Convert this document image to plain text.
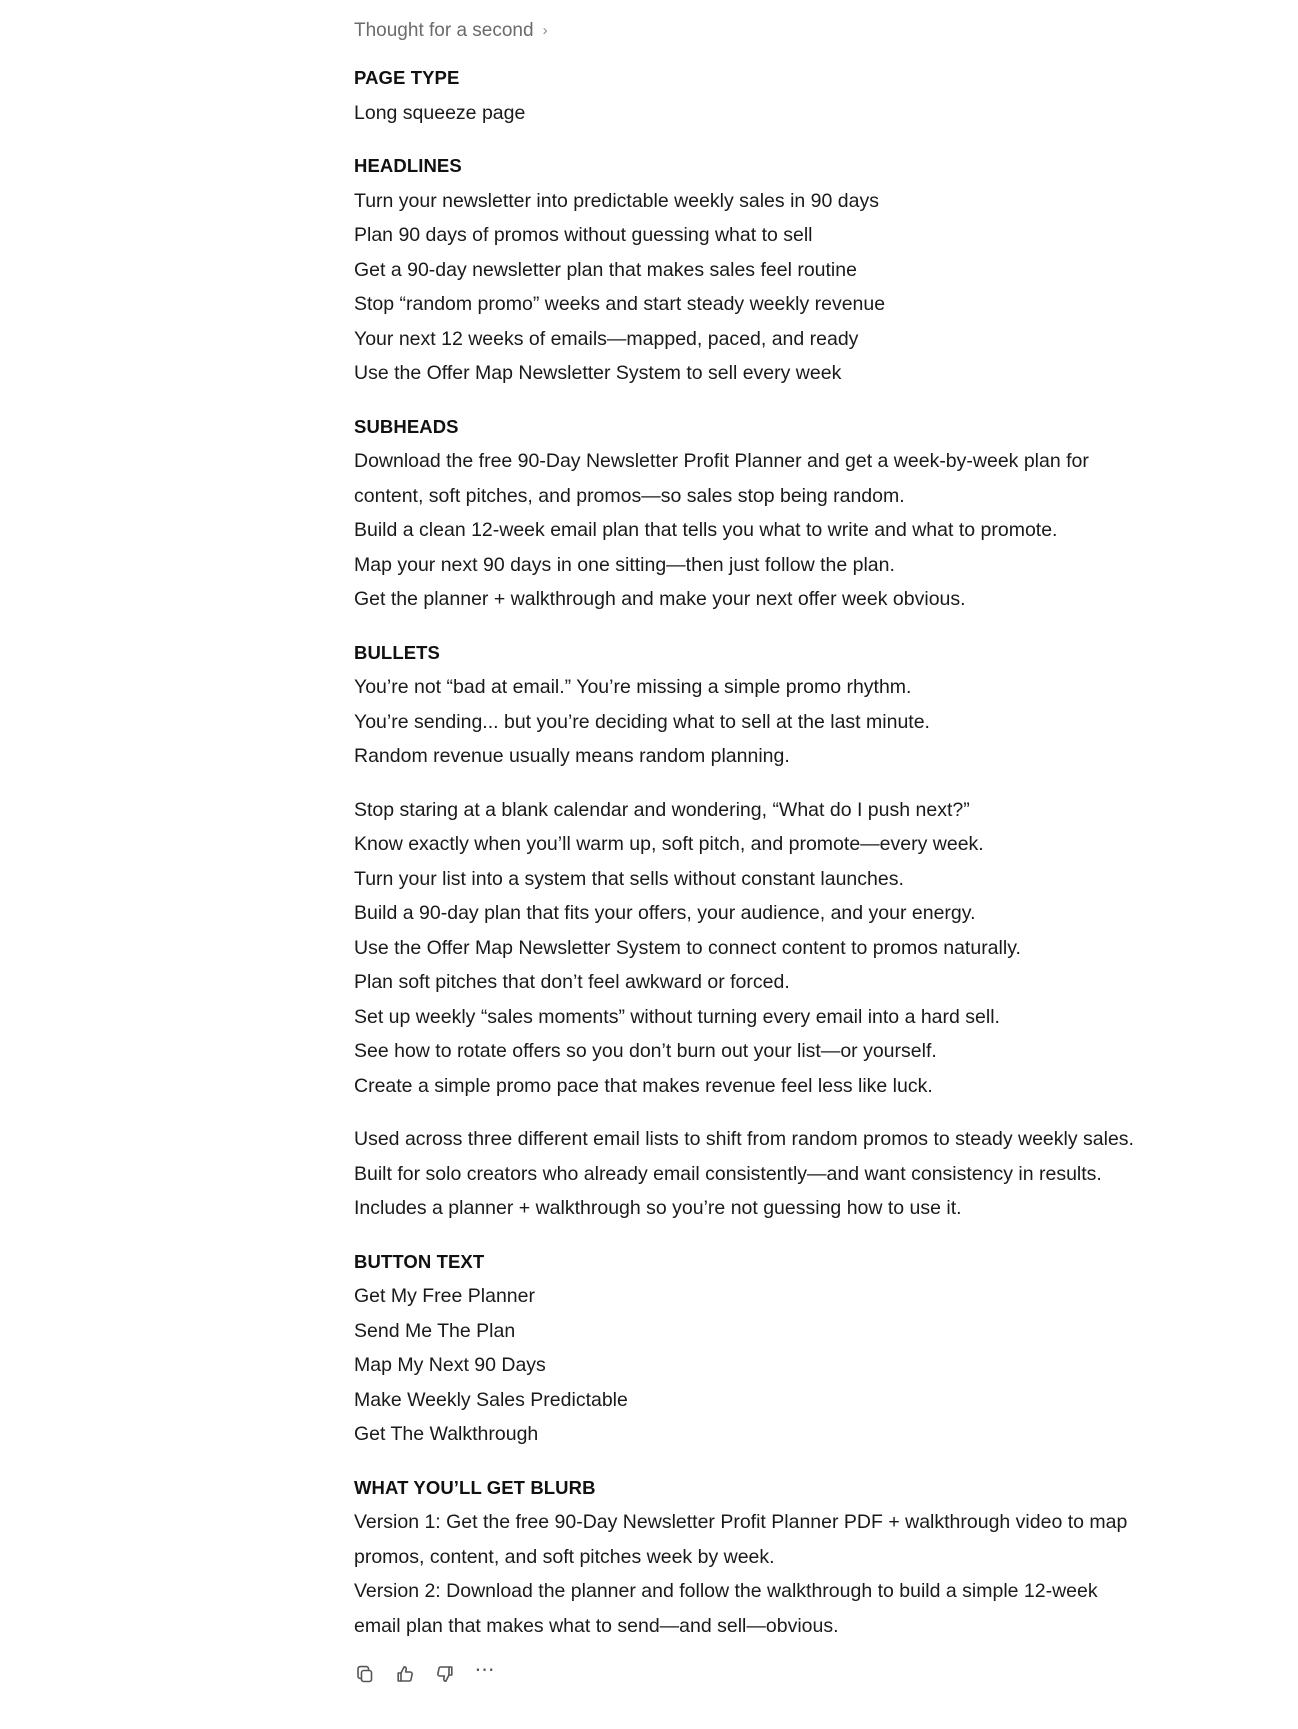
Thought for a second ›
PAGE TYPE
Long squeeze page
HEADLINES
Turn your newsletter into predictable weekly sales in 90 days
Plan 90 days of promos without guessing what to sell
Get a 90-day newsletter plan that makes sales feel routine
Stop “random promo” weeks and start steady weekly revenue
Your next 12 weeks of emails—mapped, paced, and ready
Use the Offer Map Newsletter System to sell every week
SUBHEADS
Download the free 90-Day Newsletter Profit Planner and get a week-by-week plan for
content, soft pitches, and promos—so sales stop being random.
Build a clean 12-week email plan that tells you what to write and what to promote.
Map your next 90 days in one sitting—then just follow the plan.
Get the planner + walkthrough and make your next offer week obvious.
BULLETS
You’re not “bad at email.” You’re missing a simple promo rhythm.
You’re sending... but you’re deciding what to sell at the last minute.
Random revenue usually means random planning.
Stop staring at a blank calendar and wondering, “What do I push next?”
Know exactly when you’ll warm up, soft pitch, and promote—every week.
Turn your list into a system that sells without constant launches.
Build a 90-day plan that fits your offers, your audience, and your energy.
Use the Offer Map Newsletter System to connect content to promos naturally.
Plan soft pitches that don’t feel awkward or forced.
Set up weekly “sales moments” without turning every email into a hard sell.
See how to rotate offers so you don’t burn out your list—or yourself.
Create a simple promo pace that makes revenue feel less like luck.
Used across three different email lists to shift from random promos to steady weekly sales.
Built for solo creators who already email consistently—and want consistency in results.
Includes a planner + walkthrough so you’re not guessing how to use it.
BUTTON TEXT
Get My Free Planner
Send Me The Plan
Map My Next 90 Days
Make Weekly Sales Predictable
Get The Walkthrough
WHAT YOU’LL GET BLURB
Version 1: Get the free 90-Day Newsletter Profit Planner PDF + walkthrough video to map
promos, content, and soft pitches week by week.
Version 2: Download the planner and follow the walkthrough to build a simple 12-week
email plan that makes what to send—and sell—obvious.
⋯
